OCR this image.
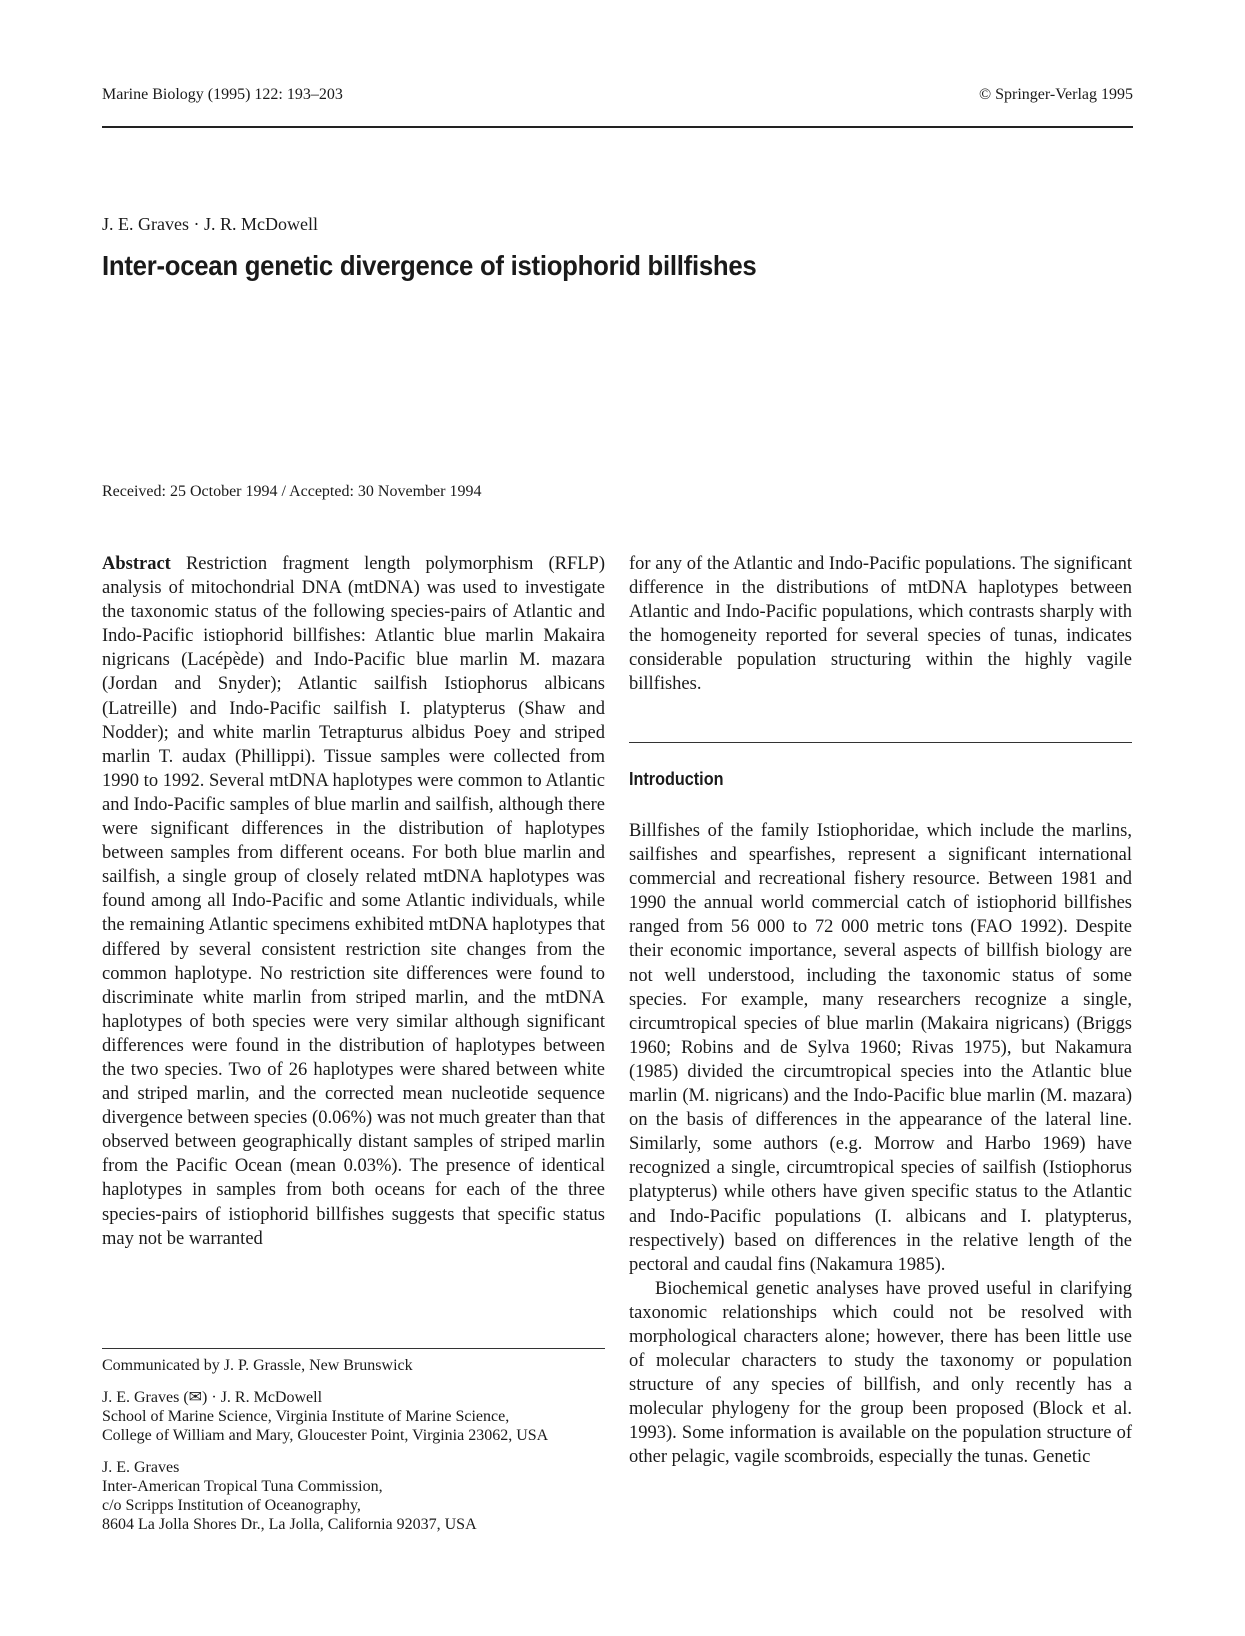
Marine Biology (1995) 122: 193–203	© Springer-Verlag 1995
J. E. Graves · J. R. McDowell
Inter-ocean genetic divergence of istiophorid billfishes
Received: 25 October 1994 / Accepted: 30 November 1994

Abstract Restriction fragment length polymorphism (RFLP) analysis of mitochondrial DNA (mtDNA) was used to investigate the taxonomic status of the following species-pairs of Atlantic and Indo-Pacific istiophorid billfishes: Atlantic blue marlin Makaira nigricans (Lacépède) and Indo-Pacific blue marlin M. mazara (Jordan and Snyder); Atlantic sailfish Istiophorus albicans (Latreille) and Indo-Pacific sailfish I. platypterus (Shaw and Nodder); and white marlin Tetrapturus albidus Poey and striped marlin T. audax (Phillippi). Tissue samples were collected from 1990 to 1992. Several mtDNA haplotypes were common to Atlantic and Indo-Pacific samples of blue marlin and sailfish, although there were significant differences in the distribution of haplotypes between samples from different oceans. For both blue marlin and sailfish, a single group of closely related mtDNA haplotypes was found among all Indo-Pacific and some Atlantic individuals, while the remaining Atlantic specimens exhibited mtDNA haplotypes that differed by several consistent restriction site changes from the common haplotype. No restriction site differences were found to discriminate white marlin from striped marlin, and the mtDNA haplotypes of both species were very similar although significant differences were found in the distribution of haplotypes between the two species. Two of 26 haplotypes were shared between white and striped marlin, and the corrected mean nucleotide sequence divergence between species (0.06%) was not much greater than that observed between geographically distant samples of striped marlin from the Pacific Ocean (mean 0.03%). The presence of identical haplotypes in samples from both oceans for each of the three species-pairs of istiophorid billfishes suggests that specific status may not be warranted

for any of the Atlantic and Indo-Pacific populations. The significant difference in the distributions of mtDNA haplotypes between Atlantic and Indo-Pacific populations, which contrasts sharply with the homogeneity reported for several species of tunas, indicates considerable population structuring within the highly vagile billfishes.

Introduction

Billfishes of the family Istiophoridae, which include the marlins, sailfishes and spearfishes, represent a significant international commercial and recreational fishery resource. Between 1981 and 1990 the annual world commercial catch of istiophorid billfishes ranged from 56 000 to 72 000 metric tons (FAO 1992). Despite their economic importance, several aspects of billfish biology are not well understood, including the taxonomic status of some species. For example, many researchers recognize a single, circumtropical species of blue marlin (Makaira nigricans) (Briggs 1960; Robins and de Sylva 1960; Rivas 1975), but Nakamura (1985) divided the circumtropical species into the Atlantic blue marlin (M. nigricans) and the Indo-Pacific blue marlin (M. mazara) on the basis of differences in the appearance of the lateral line. Similarly, some authors (e.g. Morrow and Harbo 1969) have recognized a single, circumtropical species of sailfish (Istiophorus platypterus) while others have given specific status to the Atlantic and Indo-Pacific populations (I. albicans and I. platypterus, respectively) based on differences in the relative length of the pectoral and caudal fins (Nakamura 1985).

Biochemical genetic analyses have proved useful in clarifying taxonomic relationships which could not be resolved with morphological characters alone; however, there has been little use of molecular characters to study the taxonomy or population structure of any species of billfish, and only recently has a molecular phylogeny for the group been proposed (Block et al. 1993). Some information is available on the population structure of other pelagic, vagile scombroids, especially the tunas. Genetic

Communicated by J. P. Grassle, New Brunswick

J. E. Graves (✉) · J. R. McDowell

School of Marine Science, Virginia Institute of Marine Science,

College of William and Mary, Gloucester Point, Virginia 23062, USA

J. E. Graves

Inter-American Tropical Tuna Commission,

c/o Scripps Institution of Oceanography,

8604 La Jolla Shores Dr., La Jolla, California 92037, USA
